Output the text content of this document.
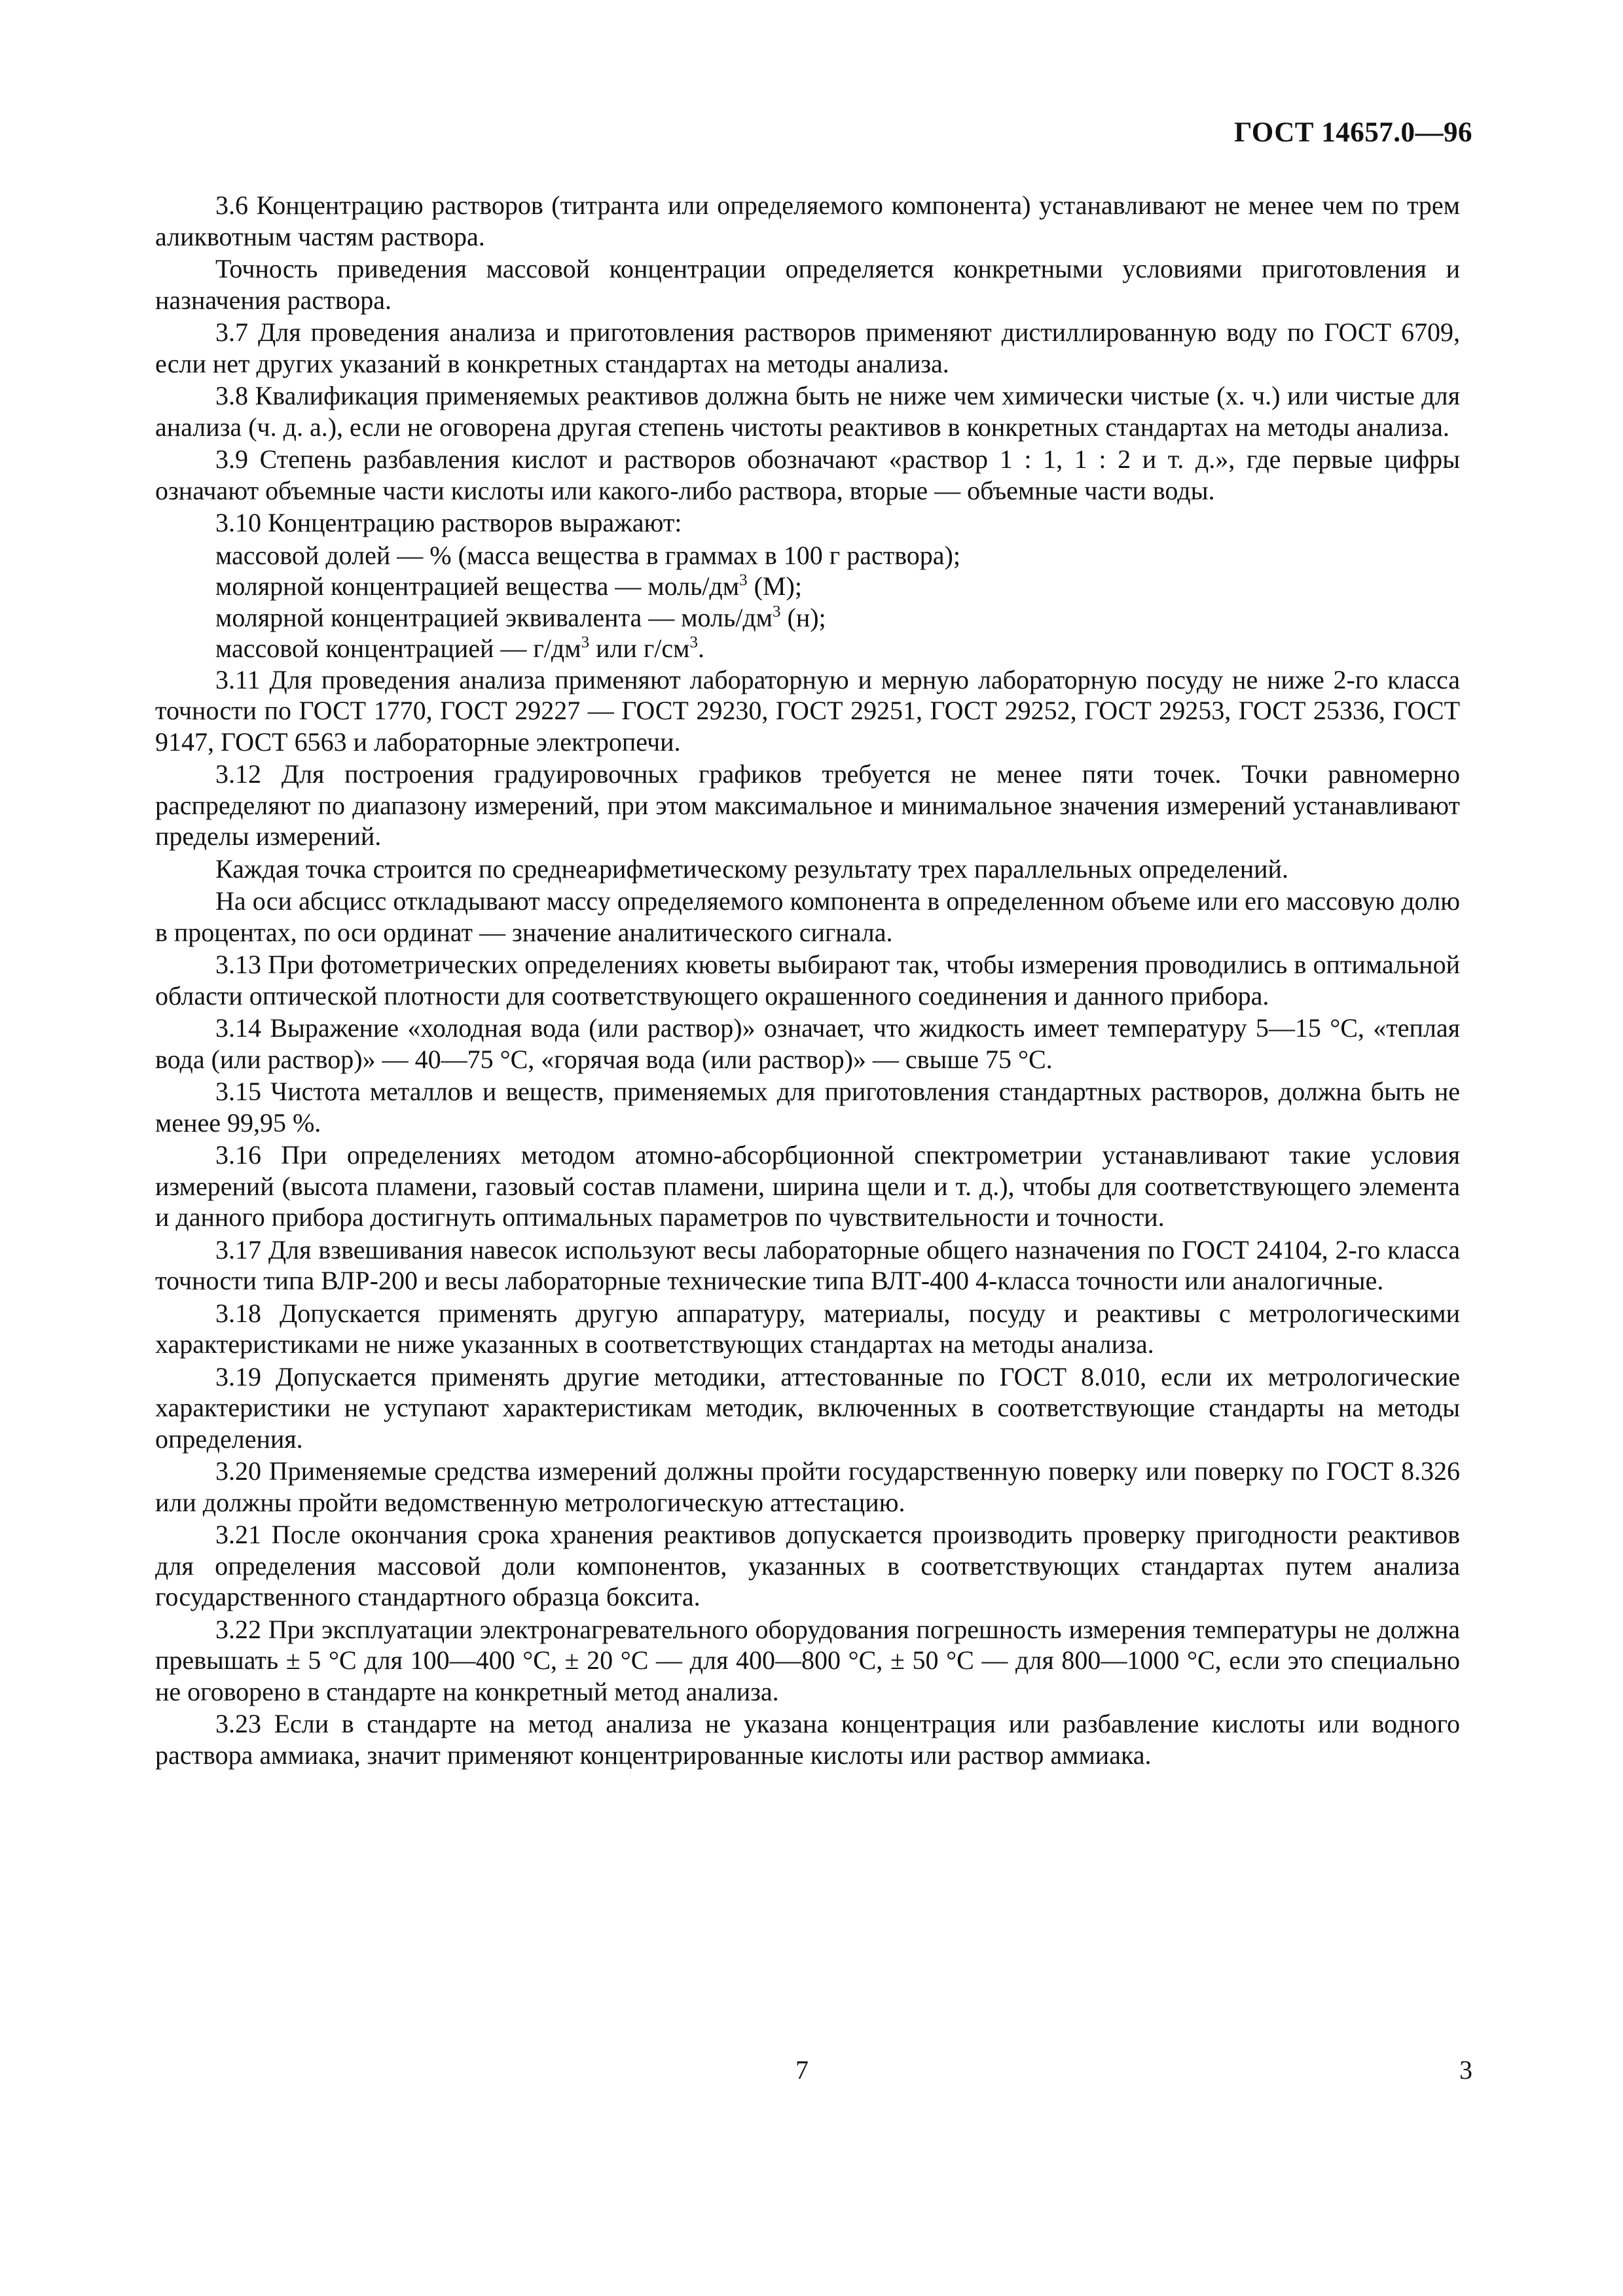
ГОСТ 14657.0—96

3.6 Концентрацию растворов (титранта или определяемого компонента) устанавливают не менее чем по трем аликвотным частям раствора.

Точность приведения массовой концентрации определяется конкретными условиями приготовления и назначения раствора.

3.7 Для проведения анализа и приготовления растворов применяют дистиллированную воду по ГОСТ 6709, если нет других указаний в конкретных стандартах на методы анализа.

3.8 Квалификация применяемых реактивов должна быть не ниже чем химически чистые (х. ч.) или чистые для анализа (ч. д. а.), если не оговорена другая степень чистоты реактивов в конкретных стандартах на методы анализа.

3.9 Степень разбавления кислот и растворов обозначают «раствор 1 : 1, 1 : 2 и т. д.», где первые цифры означают объемные части кислоты или какого-либо раствора, вторые — объемные части воды.

3.10 Концентрацию растворов выражают:

массовой долей — % (масса вещества в граммах в 100 г раствора);

молярной концентрацией вещества — моль/$дм^3$ (М);

молярной концентрацией эквивалента — моль/$дм^3$ (н);

массовой концентрацией — $г/дм^3$ или $г/см^3$.

3.11 Для проведения анализа применяют лабораторную и мерную лабораторную посуду не ниже 2-го класса точности по ГОСТ 1770, ГОСТ 29227 — ГОСТ 29230, ГОСТ 29251, ГОСТ 29252, ГОСТ 29253, ГОСТ 25336, ГОСТ 9147, ГОСТ 6563 и лабораторные электропечи.

3.12 Для построения градуировочных графиков требуется не менее пяти точек. Точки равномерно распределяют по диапазону измерений, при этом максимальное и минимальное значения измерений устанавливают пределы измерений.

Каждая точка строится по среднеарифметическому результату трех параллельных определений.

На оси абсцисс откладывают массу определяемого компонента в определенном объеме или его массовую долю в процентах, по оси ординат — значение аналитического сигнала.

3.13 При фотометрических определениях кюветы выбирают так, чтобы измерения проводились в оптимальной области оптической плотности для соответствующего окрашенного соединения и данного прибора.

3.14 Выражение «холодная вода (или раствор)» означает, что жидкость имеет температуру 5—15 °С, «теплая вода (или раствор)» — 40—75 °С, «горячая вода (или раствор)» — свыше 75 °С.

3.15 Чистота металлов и веществ, применяемых для приготовления стандартных растворов, должна быть не менее 99,95 %.

3.16 При определениях методом атомно-абсорбционной спектрометрии устанавливают такие условия измерений (высота пламени, газовый состав пламени, ширина щели и т. д.), чтобы для соответствующего элемента и данного прибора достигнуть оптимальных параметров по чувствительности и точности.

3.17 Для взвешивания навесок используют весы лабораторные общего назначения по ГОСТ 24104, 2-го класса точности типа ВЛР-200 и весы лабораторные технические типа ВЛТ-400 4-класса точности или аналогичные.

3.18 Допускается применять другую аппаратуру, материалы, посуду и реактивы с метрологическими характеристиками не ниже указанных в соответствующих стандартах на методы анализа.

3.19 Допускается применять другие методики, аттестованные по ГОСТ 8.010, если их метрологические характеристики не уступают характеристикам методик, включенных в соответствующие стандарты на методы определения.

3.20 Применяемые средства измерений должны пройти государственную поверку или поверку по ГОСТ 8.326 или должны пройти ведомственную метрологическую аттестацию.

3.21 После окончания срока хранения реактивов допускается производить проверку пригодности реактивов для определения массовой доли компонентов, указанных в соответствующих стандартах путем анализа государственного стандартного образца боксита.

3.22 При эксплуатации электронагревательного оборудования погрешность измерения температуры не должна превышать ± 5 °С для 100—400 °С, ± 20 °С — для 400—800 °С, ± 50 °С — для 800—1000 °С, если это специально не оговорено в стандарте на конкретный метод анализа.

3.23 Если в стандарте на метод анализа не указана концентрация или разбавление кислоты или водного раствора аммиака, значит применяют концентрированные кислоты или раствор аммиака.

7	3
